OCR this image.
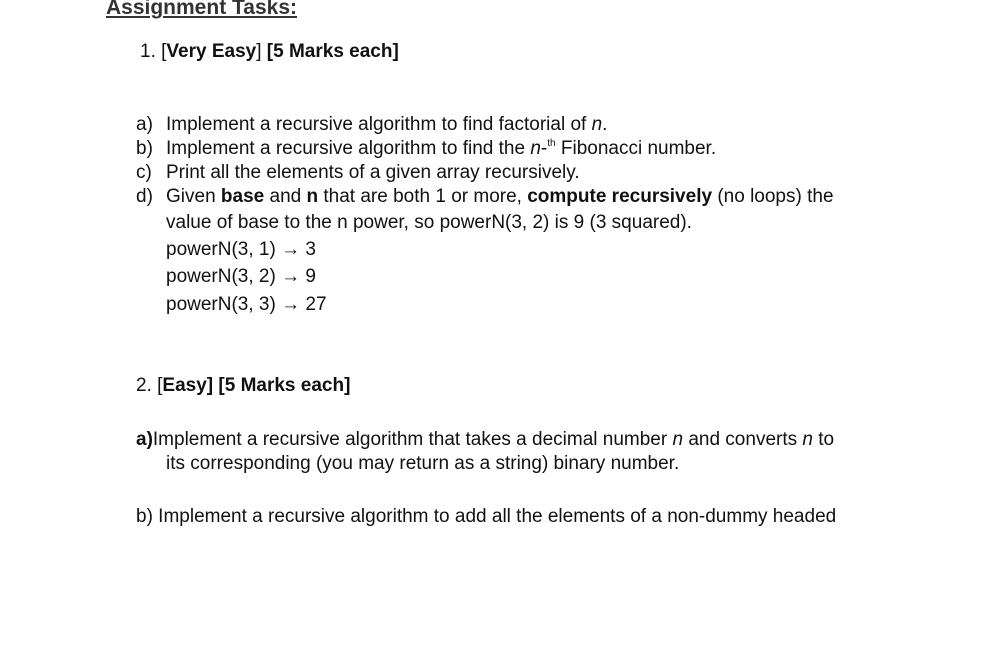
Assignment Tasks:
1. [Very Easy] [5 Marks each]
a) Implement a recursive algorithm to find factorial of n.
b) Implement a recursive algorithm to find the n-$^{th}$ Fibonacci number.
c) Print all the elements of a given array recursively.
d) Given base and n that are both 1 or more, compute recursively (no loops) the
value of base to the n power, so powerN(3, 2) is 9 (3 squared).
powerN(3, 1) → 3
powerN(3, 2) → 9
powerN(3, 3) → 27
2. [Easy] [5 Marks each]
a)Implement a recursive algorithm that takes a decimal number n and converts n to
its corresponding (you may return as a string) binary number.
b) Implement a recursive algorithm to add all the elements of a non-dummy headed
